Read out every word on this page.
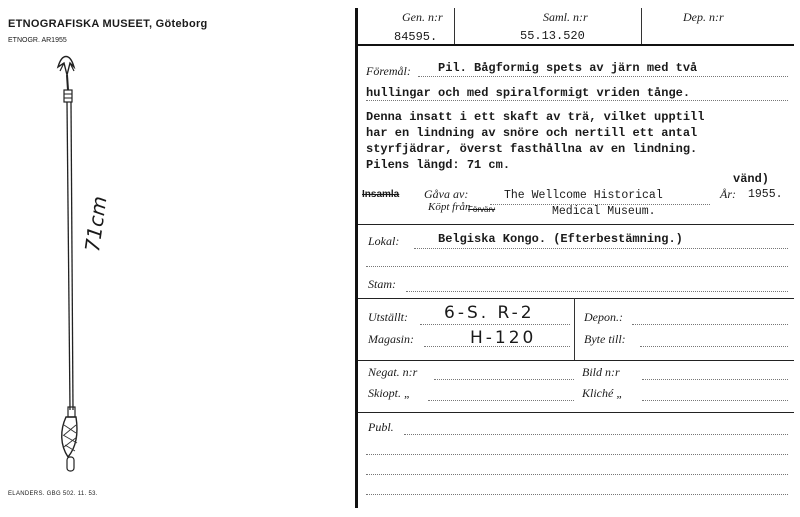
ETNOGRAFISKA MUSEET, Göteborg
ETNOGR. AR1955
71cm
ELANDERS. GBG 502. 11. 53.
Gen. n:r	Saml. n:r	Dep. n:r
84595.	55.13.520
Föremål: Pil. Bågformig spets av järn med två
hullingar och med spiralformigt vriden tånge.
Denna insatt i ett skaft av trä, vilket upptill
har en lindning av snöre och nertill ett antal
styrfjädrar, överst fasthållna av en lindning.
Pilens längd: 71 cm.
vänd)
Insamla Gåva av:
Köpt från
Förvärv
The Wellcome Historical
Medical Museum.
År: 1955.
Lokal:	Belgiska Kongo. (Efterbestämning.)
Stam:
Utställt: 6-S. R-2
Magasin:	H-120
Depon.:
Byte till:
Negat. n:r	Bild n:r
Skiopt. „	Kliché „
Publ.
